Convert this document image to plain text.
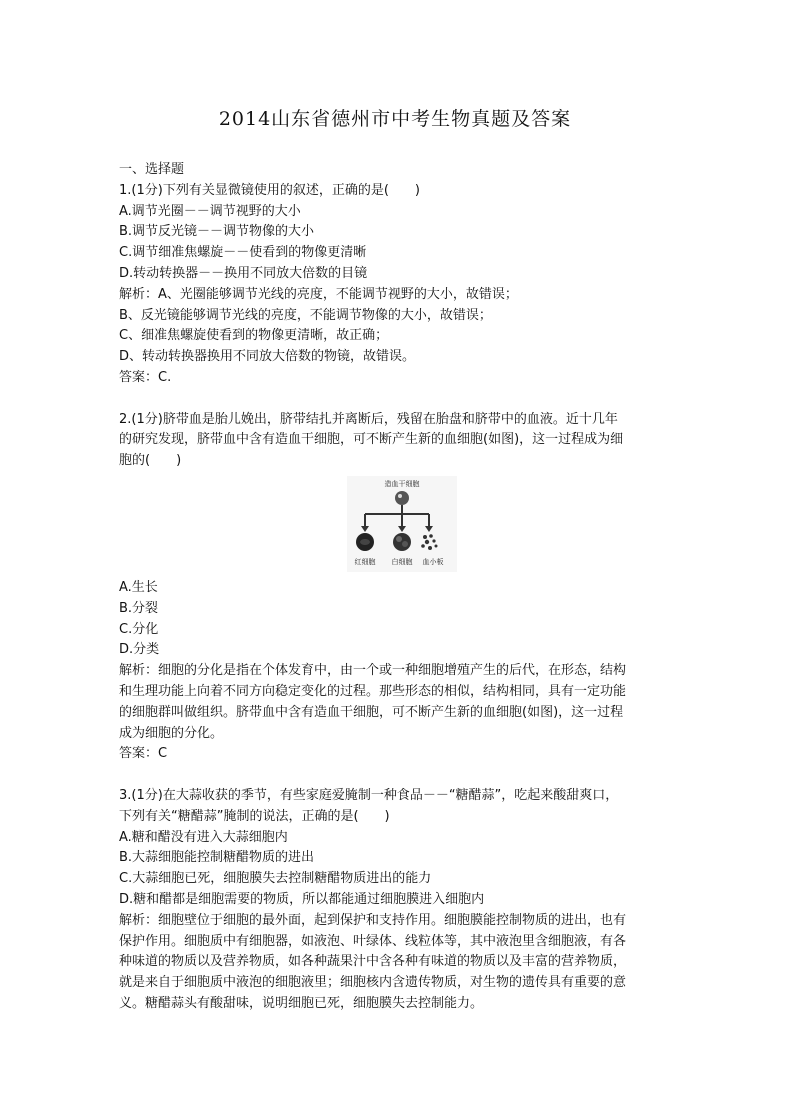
2014山东省德州市中考生物真题及答案
一、选择题
1.(1分)下列有关显微镜使用的叙述，正确的是(　　)
A.调节光圈－－调节视野的大小
B.调节反光镜－－调节物像的大小
C.调节细准焦螺旋－－使看到的物像更清晰
D.转动转换器－－换用不同放大倍数的目镜
解析：A、光圈能够调节光线的亮度，不能调节视野的大小，故错误；
B、反光镜能够调节光线的亮度，不能调节物像的大小，故错误；
C、细准焦螺旋使看到的物像更清晰，故正确；
D、转动转换器换用不同放大倍数的物镜，故错误。
答案：C.
2.(1分)脐带血是胎儿娩出，脐带结扎并离断后，残留在胎盘和脐带中的血液。近十几年
的研究发现，脐带血中含有造血干细胞，可不断产生新的血细胞(如图)，这一过程成为细
胞的(　　)
造血干细胞
红细胞 白细胞 血小板
A.生长
B.分裂
C.分化
D.分类
解析：细胞的分化是指在个体发育中，由一个或一种细胞增殖产生的后代，在形态，结构
和生理功能上向着不同方向稳定变化的过程。那些形态的相似，结构相同，具有一定功能
的细胞群叫做组织。脐带血中含有造血干细胞，可不断产生新的血细胞(如图)，这一过程
成为细胞的分化。
答案：C
3.(1分)在大蒜收获的季节，有些家庭爱腌制一种食品－－“糖醋蒜”，吃起来酸甜爽口，
下列有关“糖醋蒜”腌制的说法，正确的是(　　)
A.糖和醋没有进入大蒜细胞内
B.大蒜细胞能控制糖醋物质的进出
C.大蒜细胞已死，细胞膜失去控制糖醋物质进出的能力
D.糖和醋都是细胞需要的物质，所以都能通过细胞膜进入细胞内
解析：细胞壁位于细胞的最外面，起到保护和支持作用。细胞膜能控制物质的进出，也有
保护作用。细胞质中有细胞器，如液泡、叶绿体、线粒体等，其中液泡里含细胞液，有各
种味道的物质以及营养物质，如各种蔬果汁中含各种有味道的物质以及丰富的营养物质，
就是来自于细胞质中液泡的细胞液里；细胞核内含遗传物质，对生物的遗传具有重要的意
义。糖醋蒜头有酸甜味，说明细胞已死，细胞膜失去控制能力。
